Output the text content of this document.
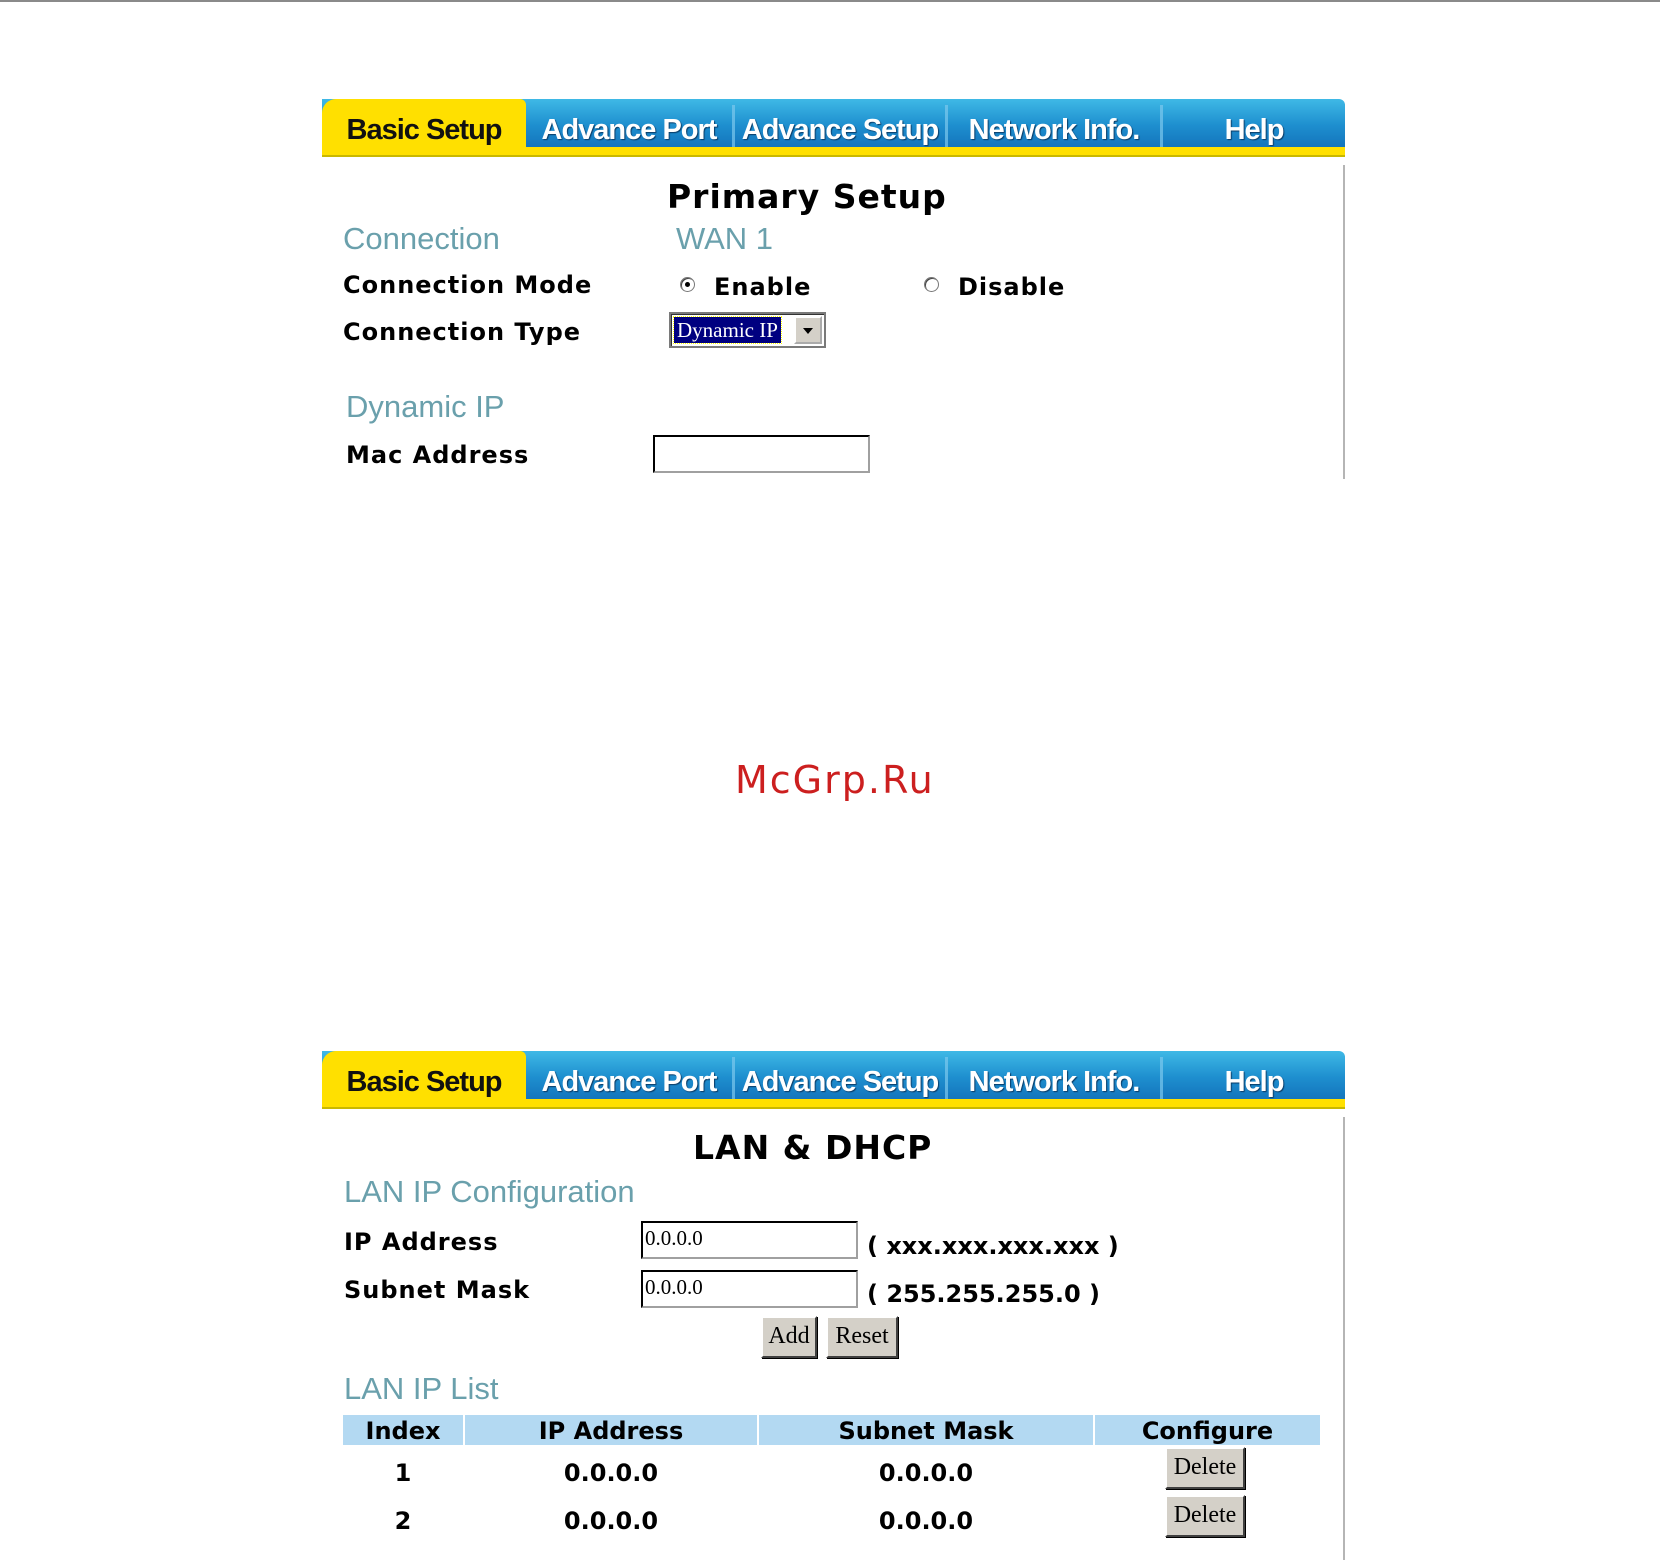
Basic Setup	Advance Port Advance Setup	Network Info.	Help
Primary Setup
Connection	WAN 1
Connection Mode	Enable	Disable
Connection Type	Dynamic IP
Dynamic IP
Mac Address
McGrp.Ru
Basic Setup	Advance Port Advance Setup	Network Info.	Help
LAN & DHCP
LAN IP Configuration
IP Address	0.0.0.0	( xxx.xxx.xxx.xxx )
Subnet Mask	0.0.0.0	( 255.255.255.0 )
Add	Reset
LAN IP List
Index	IP Address	Subnet Mask	Configure
1	0.0.0.0	0.0.0.0	Delete
2	0.0.0.0	0.0.0.0	Delete
